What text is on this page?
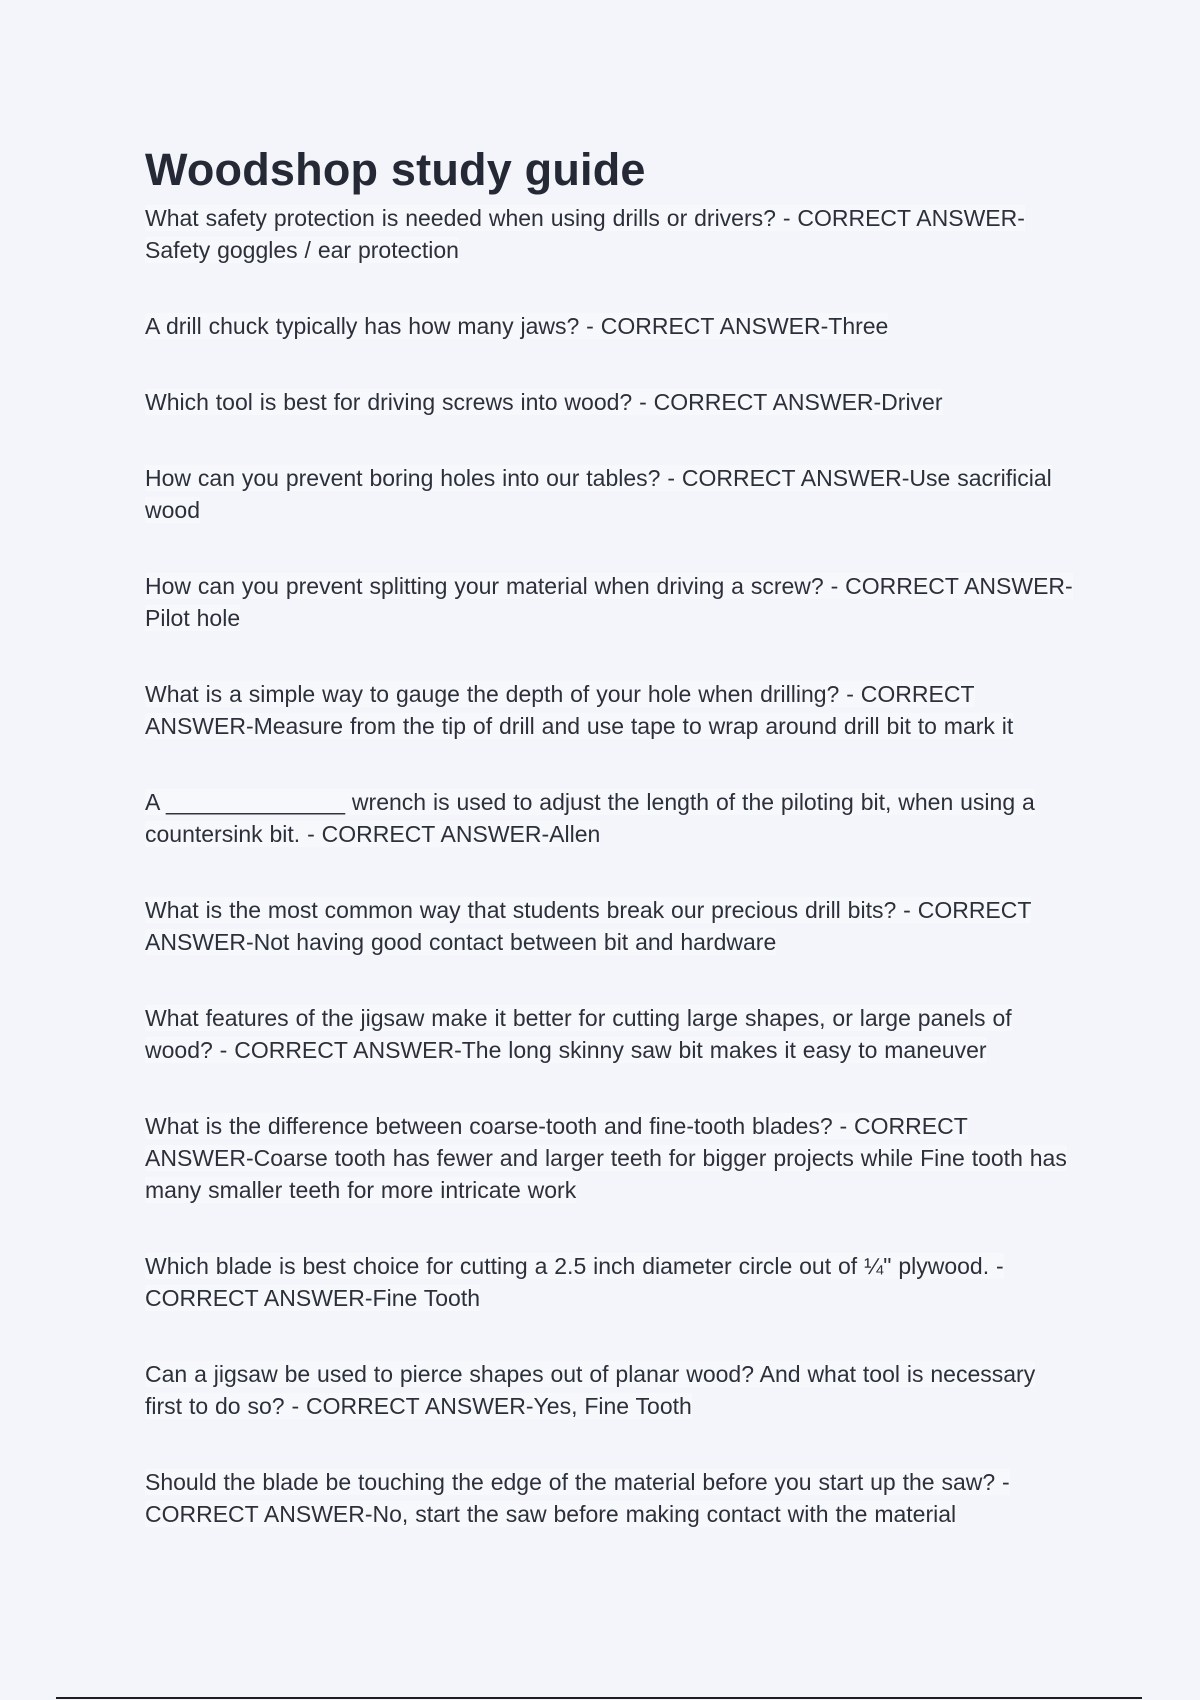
Woodshop study guide
What safety protection is needed when using drills or drivers? - CORRECT ANSWER-Safety goggles / ear protection
A drill chuck typically has how many jaws? - CORRECT ANSWER-Three
Which tool is best for driving screws into wood? - CORRECT ANSWER-Driver
How can you prevent boring holes into our tables? - CORRECT ANSWER-Use sacrificial wood
How can you prevent splitting your material when driving a screw? - CORRECT ANSWER-Pilot hole
What is a simple way to gauge the depth of your hole when drilling? - CORRECT ANSWER-Measure from the tip of drill and use tape to wrap around drill bit to mark it
A ______________ wrench is used to adjust the length of the piloting bit, when using a countersink bit. - CORRECT ANSWER-Allen
What is the most common way that students break our precious drill bits? - CORRECT ANSWER-Not having good contact between bit and hardware
What features of the jigsaw make it better for cutting large shapes, or large panels of wood? - CORRECT ANSWER-The long skinny saw bit makes it easy to maneuver
What is the difference between coarse-tooth and fine-tooth blades? - CORRECT ANSWER-Coarse tooth has fewer and larger teeth for bigger projects while Fine tooth has many smaller teeth for more intricate work
Which blade is best choice for cutting a 2.5 inch diameter circle out of ¼" plywood. - CORRECT ANSWER-Fine Tooth
Can a jigsaw be used to pierce shapes out of planar wood? And what tool is necessary first to do so? - CORRECT ANSWER-Yes, Fine Tooth
Should the blade be touching the edge of the material before you start up the saw? - CORRECT ANSWER-No, start the saw before making contact with the material
